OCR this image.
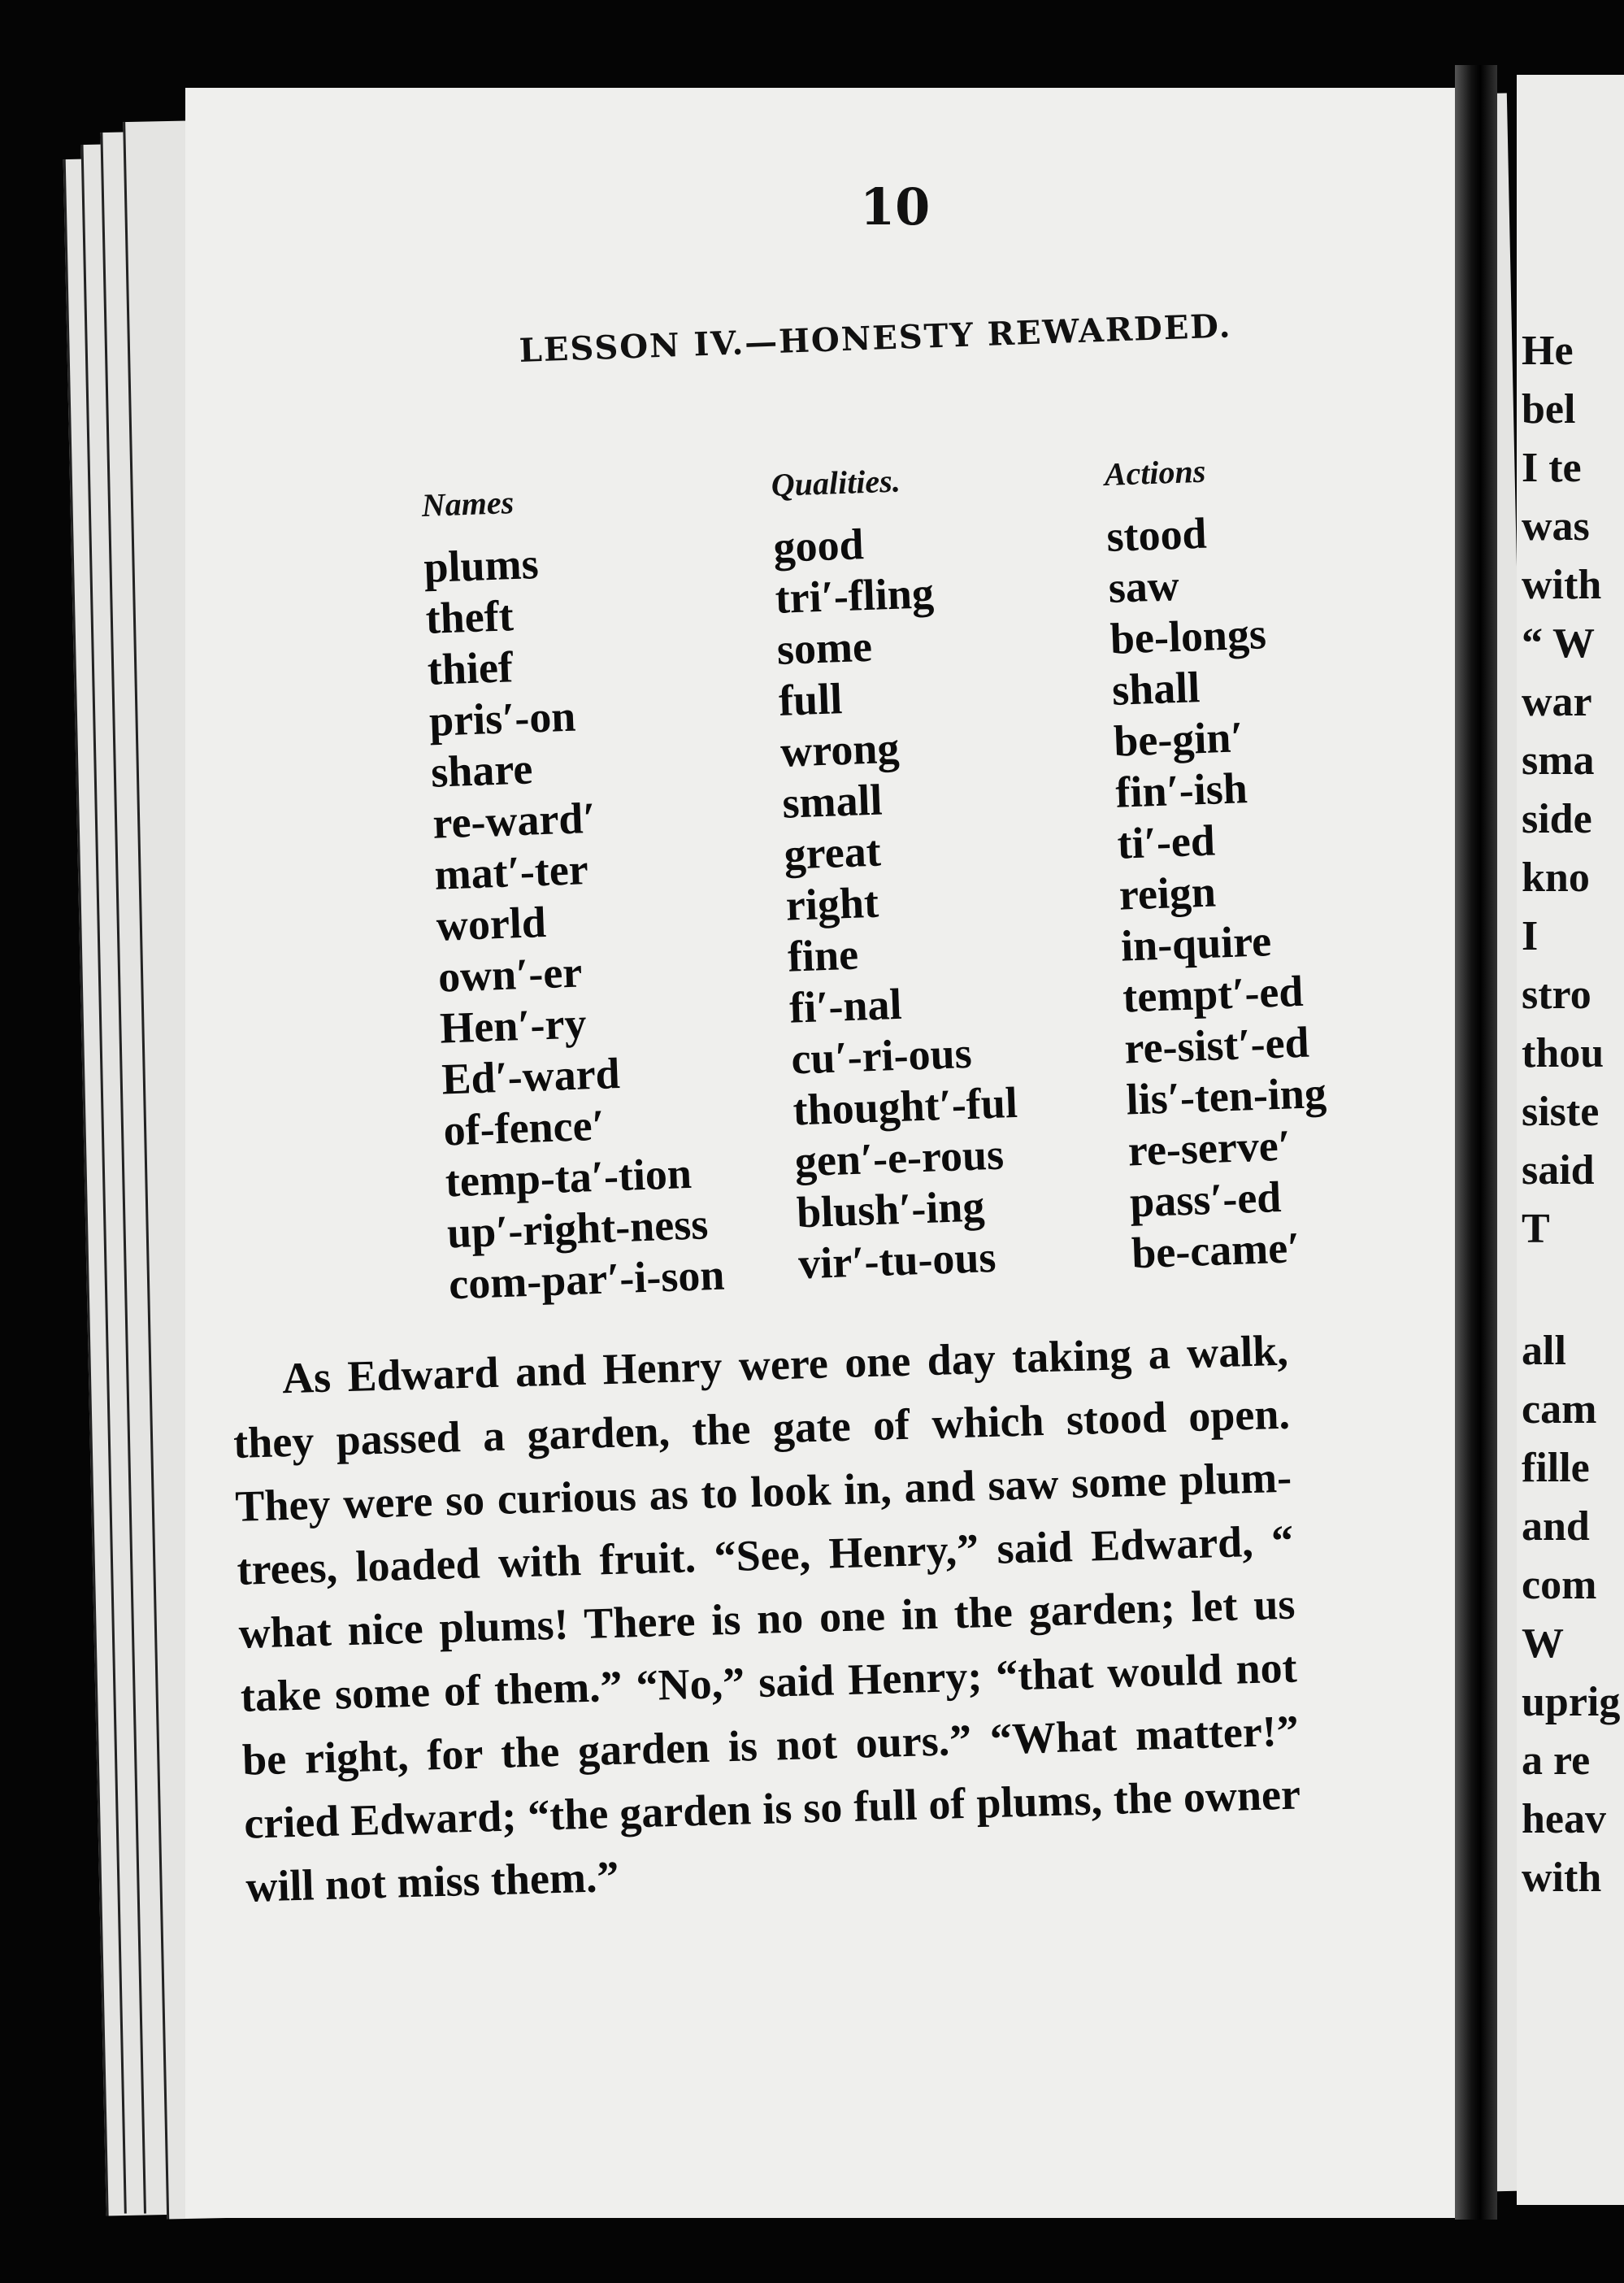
10
LESSON IV.—HONESTY REWARDED.
Names
plums
theft
thief
pris′-on
share
re-ward′
mat′-ter
world
own′-er
Hen′-ry
Ed′-ward
of-fence′
temp-ta′-tion
up′-right-ness
com-par′-i-son
Qualities.
good
tri′-fling
some
full
wrong
small
great
right
fine
fi′-nal
cu′-ri-ous
thought′-ful
gen′-e-rous
blush′-ing
vir′-tu-ous
Actions
stood
saw
be-longs
shall
be-gin′
fin′-ish
ti′-ed
reign
in-quire
tempt′-ed
re-sist′-ed
lis′-ten-ing
re-serve′
pass′-ed
be-came′

As Edward and Henry were one day taking a walk, they passed a garden, the gate of which stood open. They were so curious as to look in, and saw some plum-trees, loaded with fruit. “See, Henry,” said Edward, “ what nice plums! There is no one in the garden; let us take some of them.” “No,” said Henry; “that would not be right, for the garden is not ours.” “What matter!” cried Edward; “the garden is so full of plums, the owner will not miss them.”

He
bel
I te
was
with
“ W
war
sma
side
kno
I
stro
thou
siste
said
T
all
cam
fille
and
com
W
uprig
a re
heav
with
